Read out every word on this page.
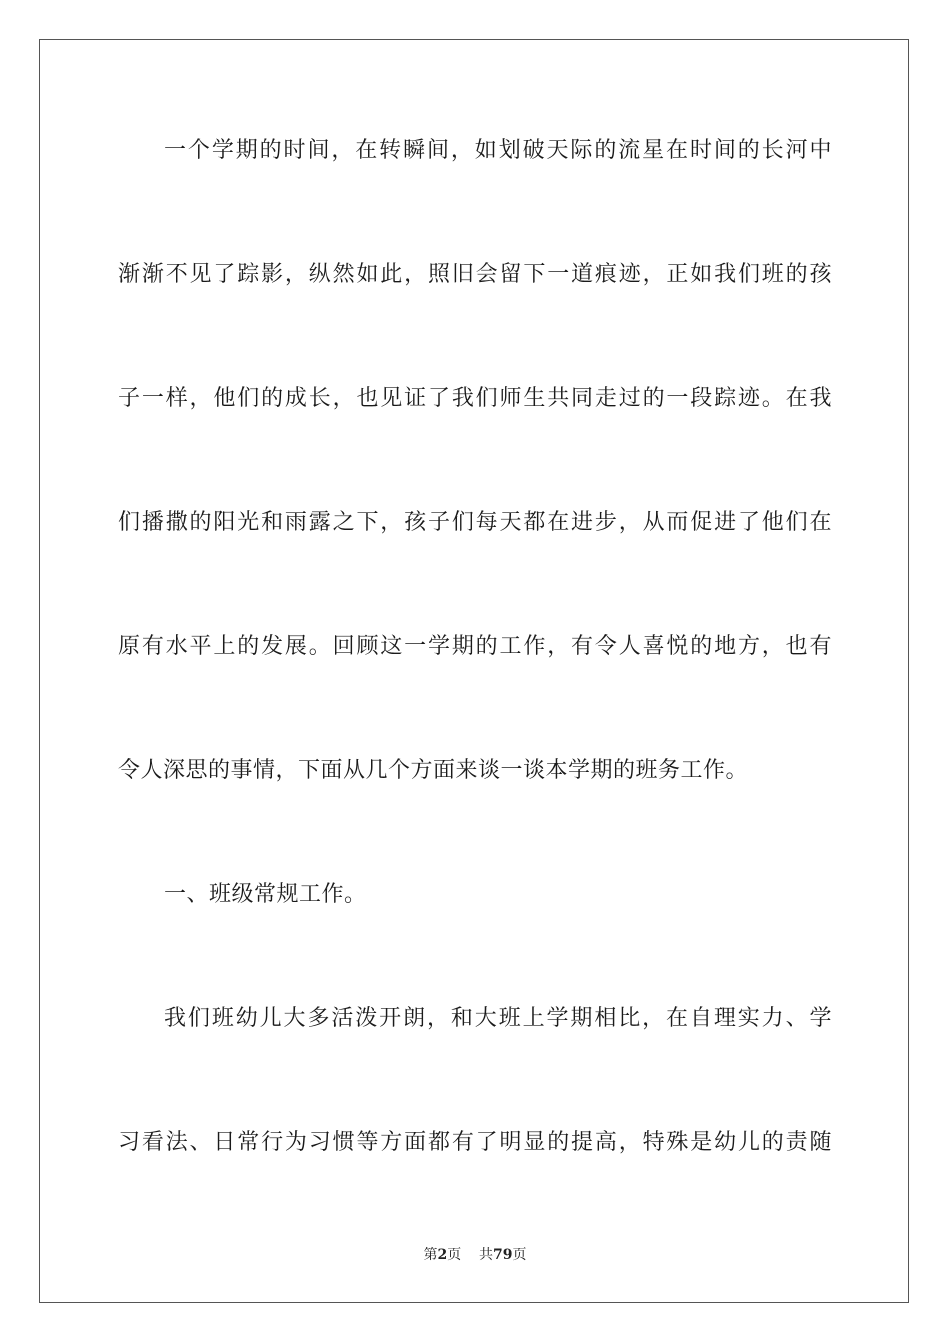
一个学期的时间，在转瞬间，如划破天际的流星在时间的长河中
渐渐不见了踪影，纵然如此，照旧会留下一道痕迹，正如我们班的孩
子一样，他们的成长，也见证了我们师生共同走过的一段踪迹。在我
们播撒的阳光和雨露之下，孩子们每天都在进步，从而促进了他们在
原有水平上的发展。回顾这一学期的工作，有令人喜悦的地方，也有
令人深思的事情，下面从几个方面来谈一谈本学期的班务工作。
一、班级常规工作。
我们班幼儿大多活泼开朗，和大班上学期相比，在自理实力、学
习看法、日常行为习惯等方面都有了明显的提高，特殊是幼儿的责随
第2页 共79页
